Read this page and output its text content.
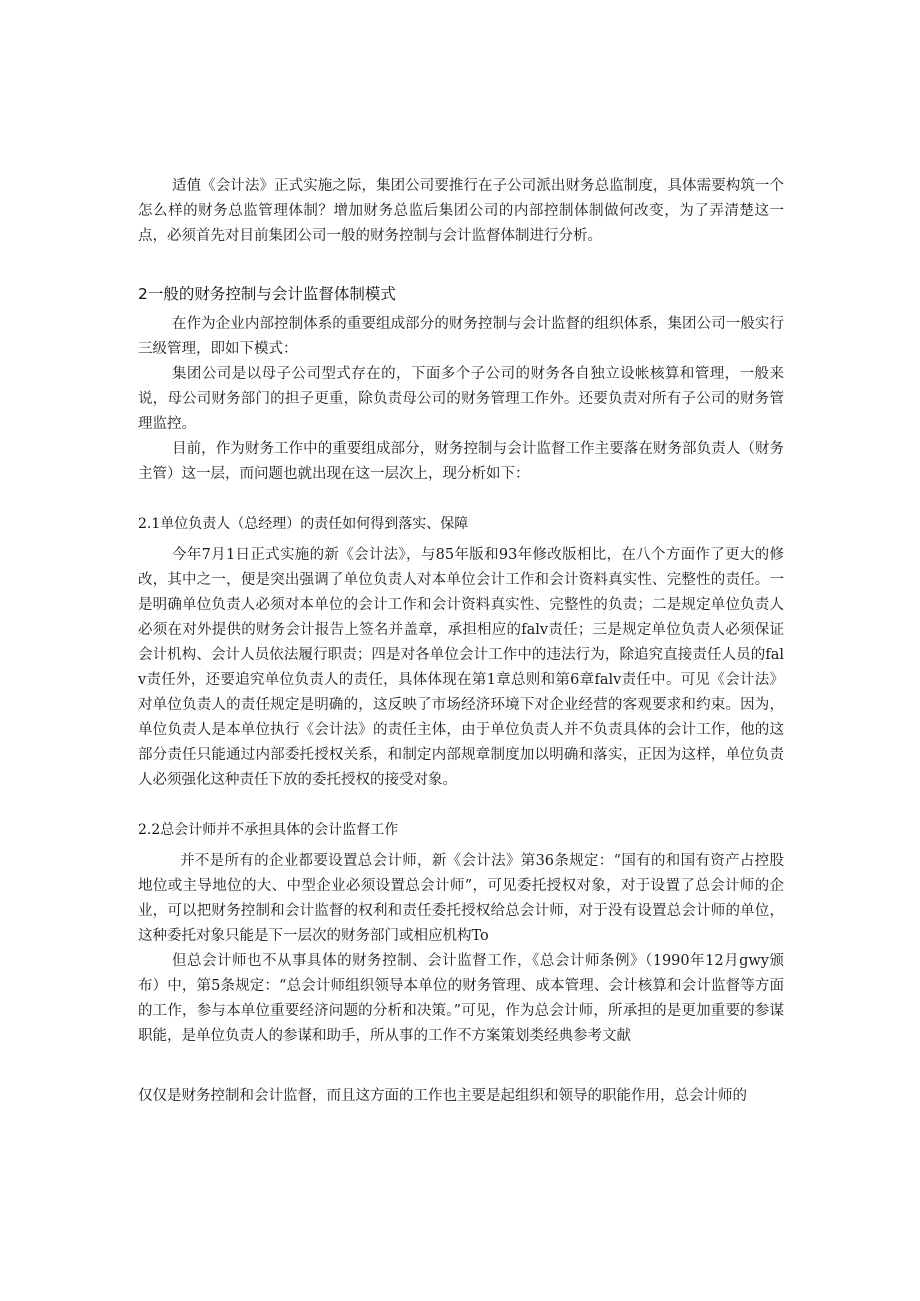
适值《会计法》正式实施之际，集团公司要推行在子公司派出财务总监制度，具体需要构筑一个怎么样的财务总监管理体制？增加财务总监后集团公司的内部控制体制做何改变，为了弄清楚这一点，必须首先对目前集团公司一般的财务控制与会计监督体制进行分析。

2一般的财务控制与会计监督体制模式

在作为企业内部控制体系的重要组成部分的财务控制与会计监督的组织体系，集团公司一般实行三级管理，即如下模式：

集团公司是以母子公司型式存在的，下面多个子公司的财务各自独立设帐核算和管理，一般来说，母公司财务部门的担子更重，除负责母公司的财务管理工作外。还要负责对所有子公司的财务管理监控。

目前，作为财务工作中的重要组成部分，财务控制与会计监督工作主要落在财务部负责人（财务主管）这一层，而问题也就出现在这一层次上，现分析如下：

2.1单位负责人（总经理）的责任如何得到落实、保障

今年7月1日正式实施的新《会计法》，与85年版和93年修改版相比，在八个方面作了更大的修改，其中之一，便是突出强调了单位负责人对本单位会计工作和会计资料真实性、完整性的责任。一是明确单位负责人必须对本单位的会计工作和会计资料真实性、完整性的负责；二是规定单位负责人必须在对外提供的财务会计报告上签名并盖章，承担相应的falv责任；三是规定单位负责人必须保证会计机构、会计人员依法履行职责；四是对各单位会计工作中的违法行为，除追究直接责任人员的falv责任外，还要追究单位负责人的责任，具体体现在第1章总则和第6章falv责任中。可见《会计法》对单位负责人的责任规定是明确的，这反映了市场经济环境下对企业经营的客观要求和约束。因为，单位负责人是本单位执行《会计法》的责任主体，由于单位负责人并不负责具体的会计工作，他的这部分责任只能通过内部委托授权关系，和制定内部规章制度加以明确和落实，正因为这样，单位负责人必须强化这种责任下放的委托授权的接受对象。

2.2总会计师并不承担具体的会计监督工作

并不是所有的企业都要设置总会计师，新《会计法》第36条规定：“国有的和国有资产占控股地位或主导地位的大、中型企业必须设置总会计师”，可见委托授权对象，对于设置了总会计师的企业，可以把财务控制和会计监督的权利和责任委托授权给总会计师，对于没有设置总会计师的单位，这种委托对象只能是下一层次的财务部门或相应机构To

但总会计师也不从事具体的财务控制、会计监督工作，《总会计师条例》（1990年12月gwy颁布）中，第5条规定：“总会计师组织领导本单位的财务管理、成本管理、会计核算和会计监督等方面的工作，参与本单位重要经济问题的分析和决策。”可见，作为总会计师，所承担的是更加重要的参谋职能，是单位负责人的参谋和助手，所从事的工作不方案策划类经典参考文献

仅仅是财务控制和会计监督，而且这方面的工作也主要是起组织和领导的职能作用，总会计师的
